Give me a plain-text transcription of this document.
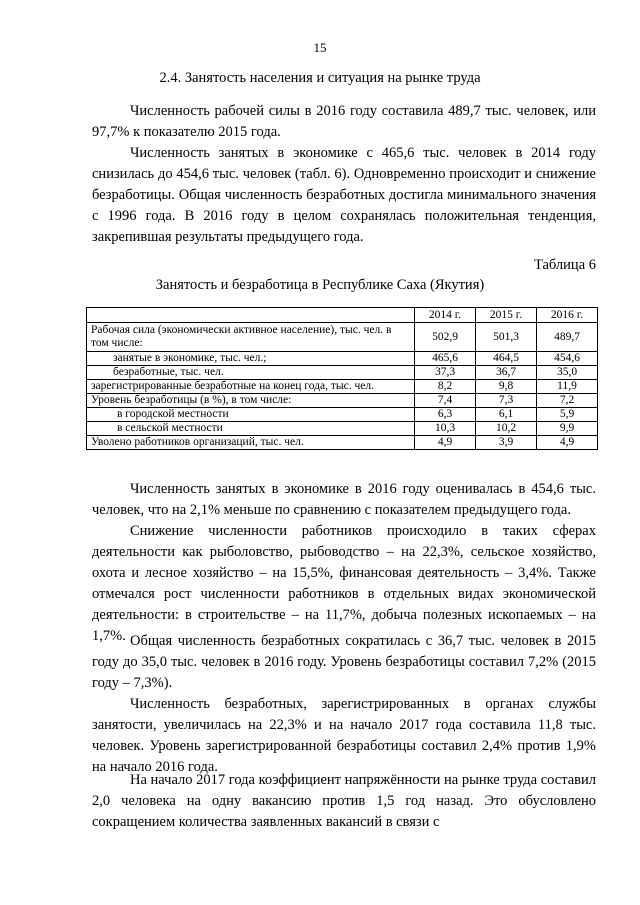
15
2.4. Занятость населения и ситуация на рынке труда

Численность рабочей силы в 2016 году составила 489,7 тыс. человек, или 97,7% к показателю 2015 года.

Численность занятых в экономике с 465,6 тыс. человек в 2014 году снизилась до 454,6 тыс. человек (табл. 6). Одновременно происходит и снижение безработицы. Общая численность безработных достигла минимального значения с 1996 года. В 2016 году в целом сохранялась положительная тенденция, закрепившая результаты предыдущего года.

Таблица 6
Занятость и безработица в Республике Саха (Якутия)
	2014 г.	2015 г.	2016 г.
Рабочая сила (экономически активное население), тыс. чел. в том числе:	502,9	501,3	489,7
занятые в экономике, тыс. чел.;	465,6	464,5	454,6
безработные, тыс. чел.	37,3	36,7	35,0
зарегистрированные безработные на конец года, тыс. чел.	8,2	9,8	11,9
Уровень безработицы (в %), в том числе:	7,4	7,3	7,2
в городской местности	6,3	6,1	5,9
в сельской местности	10,3	10,2	9,9
Уволено работников организаций, тыс. чел.	4,9	3,9	4,9

Численность занятых в экономике в 2016 году оценивалась в 454,6 тыс. человек, что на 2,1% меньше по сравнению с показателем предыдущего года.

Снижение численности работников происходило в таких сферах деятельности как рыболовство, рыбоводство – на 22,3%, сельское хозяйство, охота и лесное хозяйство – на 15,5%, финансовая деятельность – 3,4%. Также отмечался рост численности работников в отдельных видах экономической деятельности: в строительстве – на 11,7%, добыча полезных ископаемых – на 1,7%. Общая численность безработных сократилась с 36,7 тыс. человек в 2015 году до 35,0 тыс. человек в 2016 году. Уровень безработицы составил 7,2% (2015 году – 7,3%).

Численность безработных, зарегистрированных в органах службы занятости, увеличилась на 22,3% и на начало 2017 года составила 11,8 тыс. человек. Уровень зарегистрированной безработицы составил 2,4% против 1,9% на начало 2016 года.

На начало 2017 года коэффициент напряжённости на рынке труда составил 2,0 человека на одну вакансию против 1,5 год назад. Это обусловлено сокращением количества заявленных вакансий в связи с
